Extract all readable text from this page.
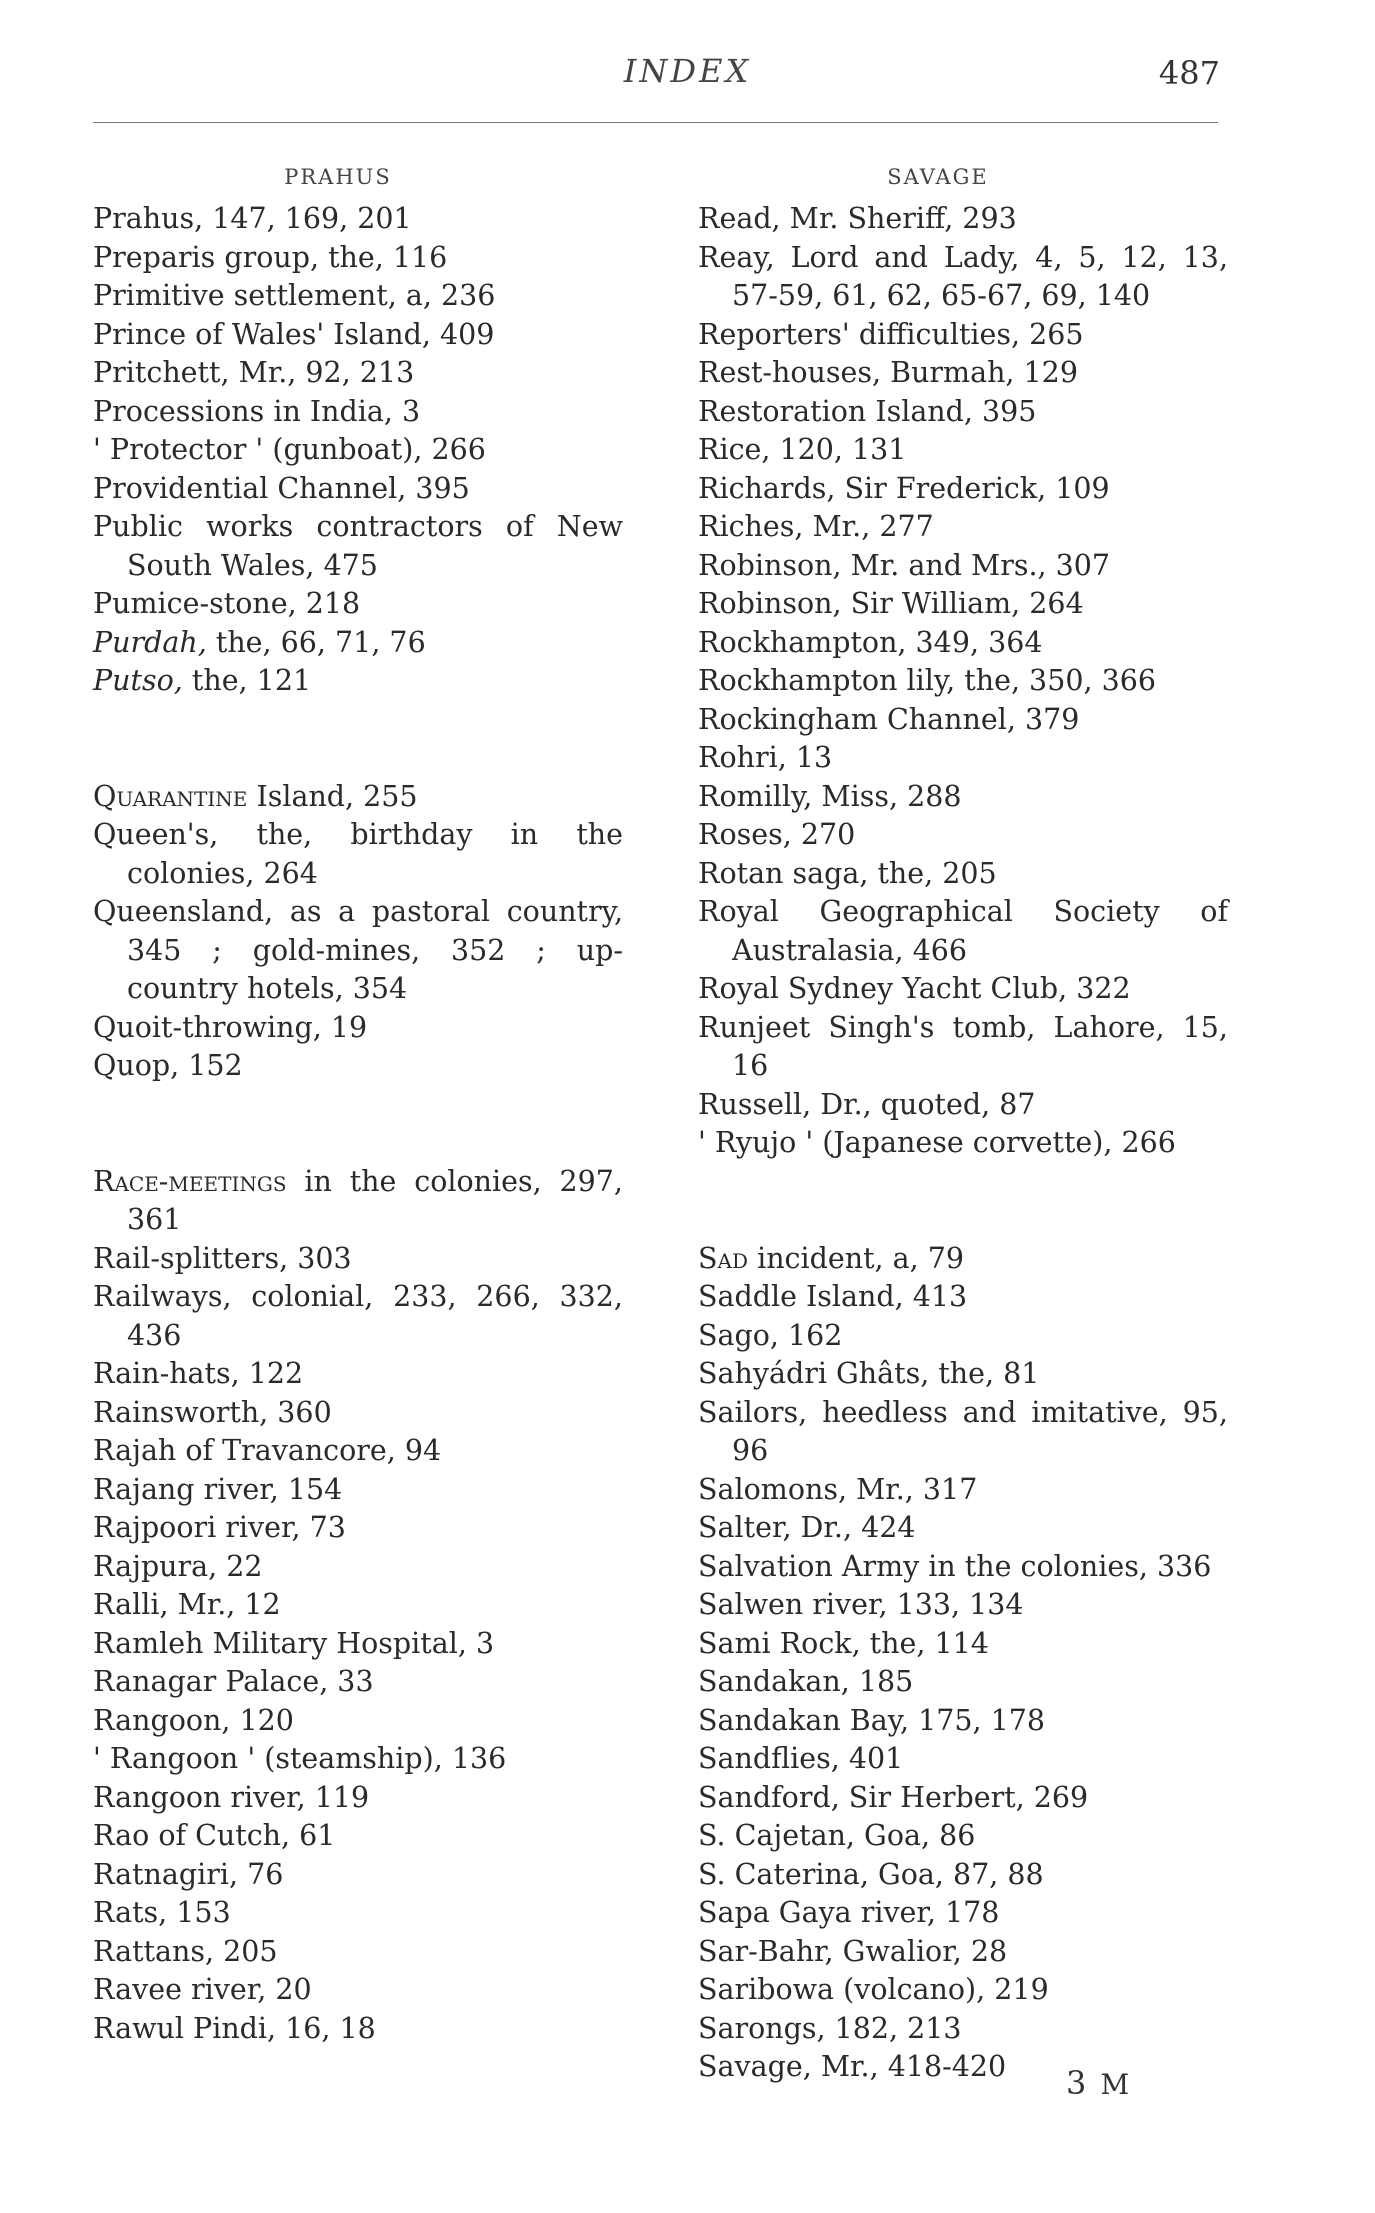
INDEX	487
PRAHUS
Prahus, 147, 169, 201
Preparis group, the, 116
Primitive settlement, a, 236
Prince of Wales' Island, 409
Pritchett, Mr., 92, 213
Processions in India, 3
' Protector ' (gunboat), 266
Providential Channel, 395
Public works contractors of New South Wales, 475
Pumice-stone, 218
Purdah, the, 66, 71, 76
Putso, the, 121
Quarantine Island, 255
Queen's, the, birthday in the colonies, 264
Queensland, as a pastoral country, 345 ; gold-mines, 352 ; up-country hotels, 354
Quoit-throwing, 19
Quop, 152
Race-meetings in the colonies, 297, 361
Rail-splitters, 303
Railways, colonial, 233, 266, 332, 436
Rain-hats, 122
Rainsworth, 360
Rajah of Travancore, 94
Rajang river, 154
Rajpoori river, 73
Rajpura, 22
Ralli, Mr., 12
Ramleh Military Hospital, 3
Ranagar Palace, 33
Rangoon, 120
' Rangoon ' (steamship), 136
Rangoon river, 119
Rao of Cutch, 61
Ratnagiri, 76
Rats, 153
Rattans, 205
Ravee river, 20
Rawul Pindi, 16, 18
SAVAGE
Read, Mr. Sheriff, 293
Reay, Lord and Lady, 4, 5, 12, 13, 57-59, 61, 62, 65-67, 69, 140
Reporters' difficulties, 265
Rest-houses, Burmah, 129
Restoration Island, 395
Rice, 120, 131
Richards, Sir Frederick, 109
Riches, Mr., 277
Robinson, Mr. and Mrs., 307
Robinson, Sir William, 264
Rockhampton, 349, 364
Rockhampton lily, the, 350, 366
Rockingham Channel, 379
Rohri, 13
Romilly, Miss, 288
Roses, 270
Rotan saga, the, 205
Royal Geographical Society of Australasia, 466
Royal Sydney Yacht Club, 322
Runjeet Singh's tomb, Lahore, 15, 16
Russell, Dr., quoted, 87
' Ryujo ' (Japanese corvette), 266
Sad incident, a, 79
Saddle Island, 413
Sago, 162
Sahyádri Ghâts, the, 81
Sailors, heedless and imitative, 95, 96
Salomons, Mr., 317
Salter, Dr., 424
Salvation Army in the colonies, 336
Salwen river, 133, 134
Sami Rock, the, 114
Sandakan, 185
Sandakan Bay, 175, 178
Sandflies, 401
Sandford, Sir Herbert, 269
S. Cajetan, Goa, 86
S. Caterina, Goa, 87, 88
Sapa Gaya river, 178
Sar-Bahr, Gwalior, 28
Saribowa (volcano), 219
Sarongs, 182, 213
Savage, Mr., 418-420	3 M
